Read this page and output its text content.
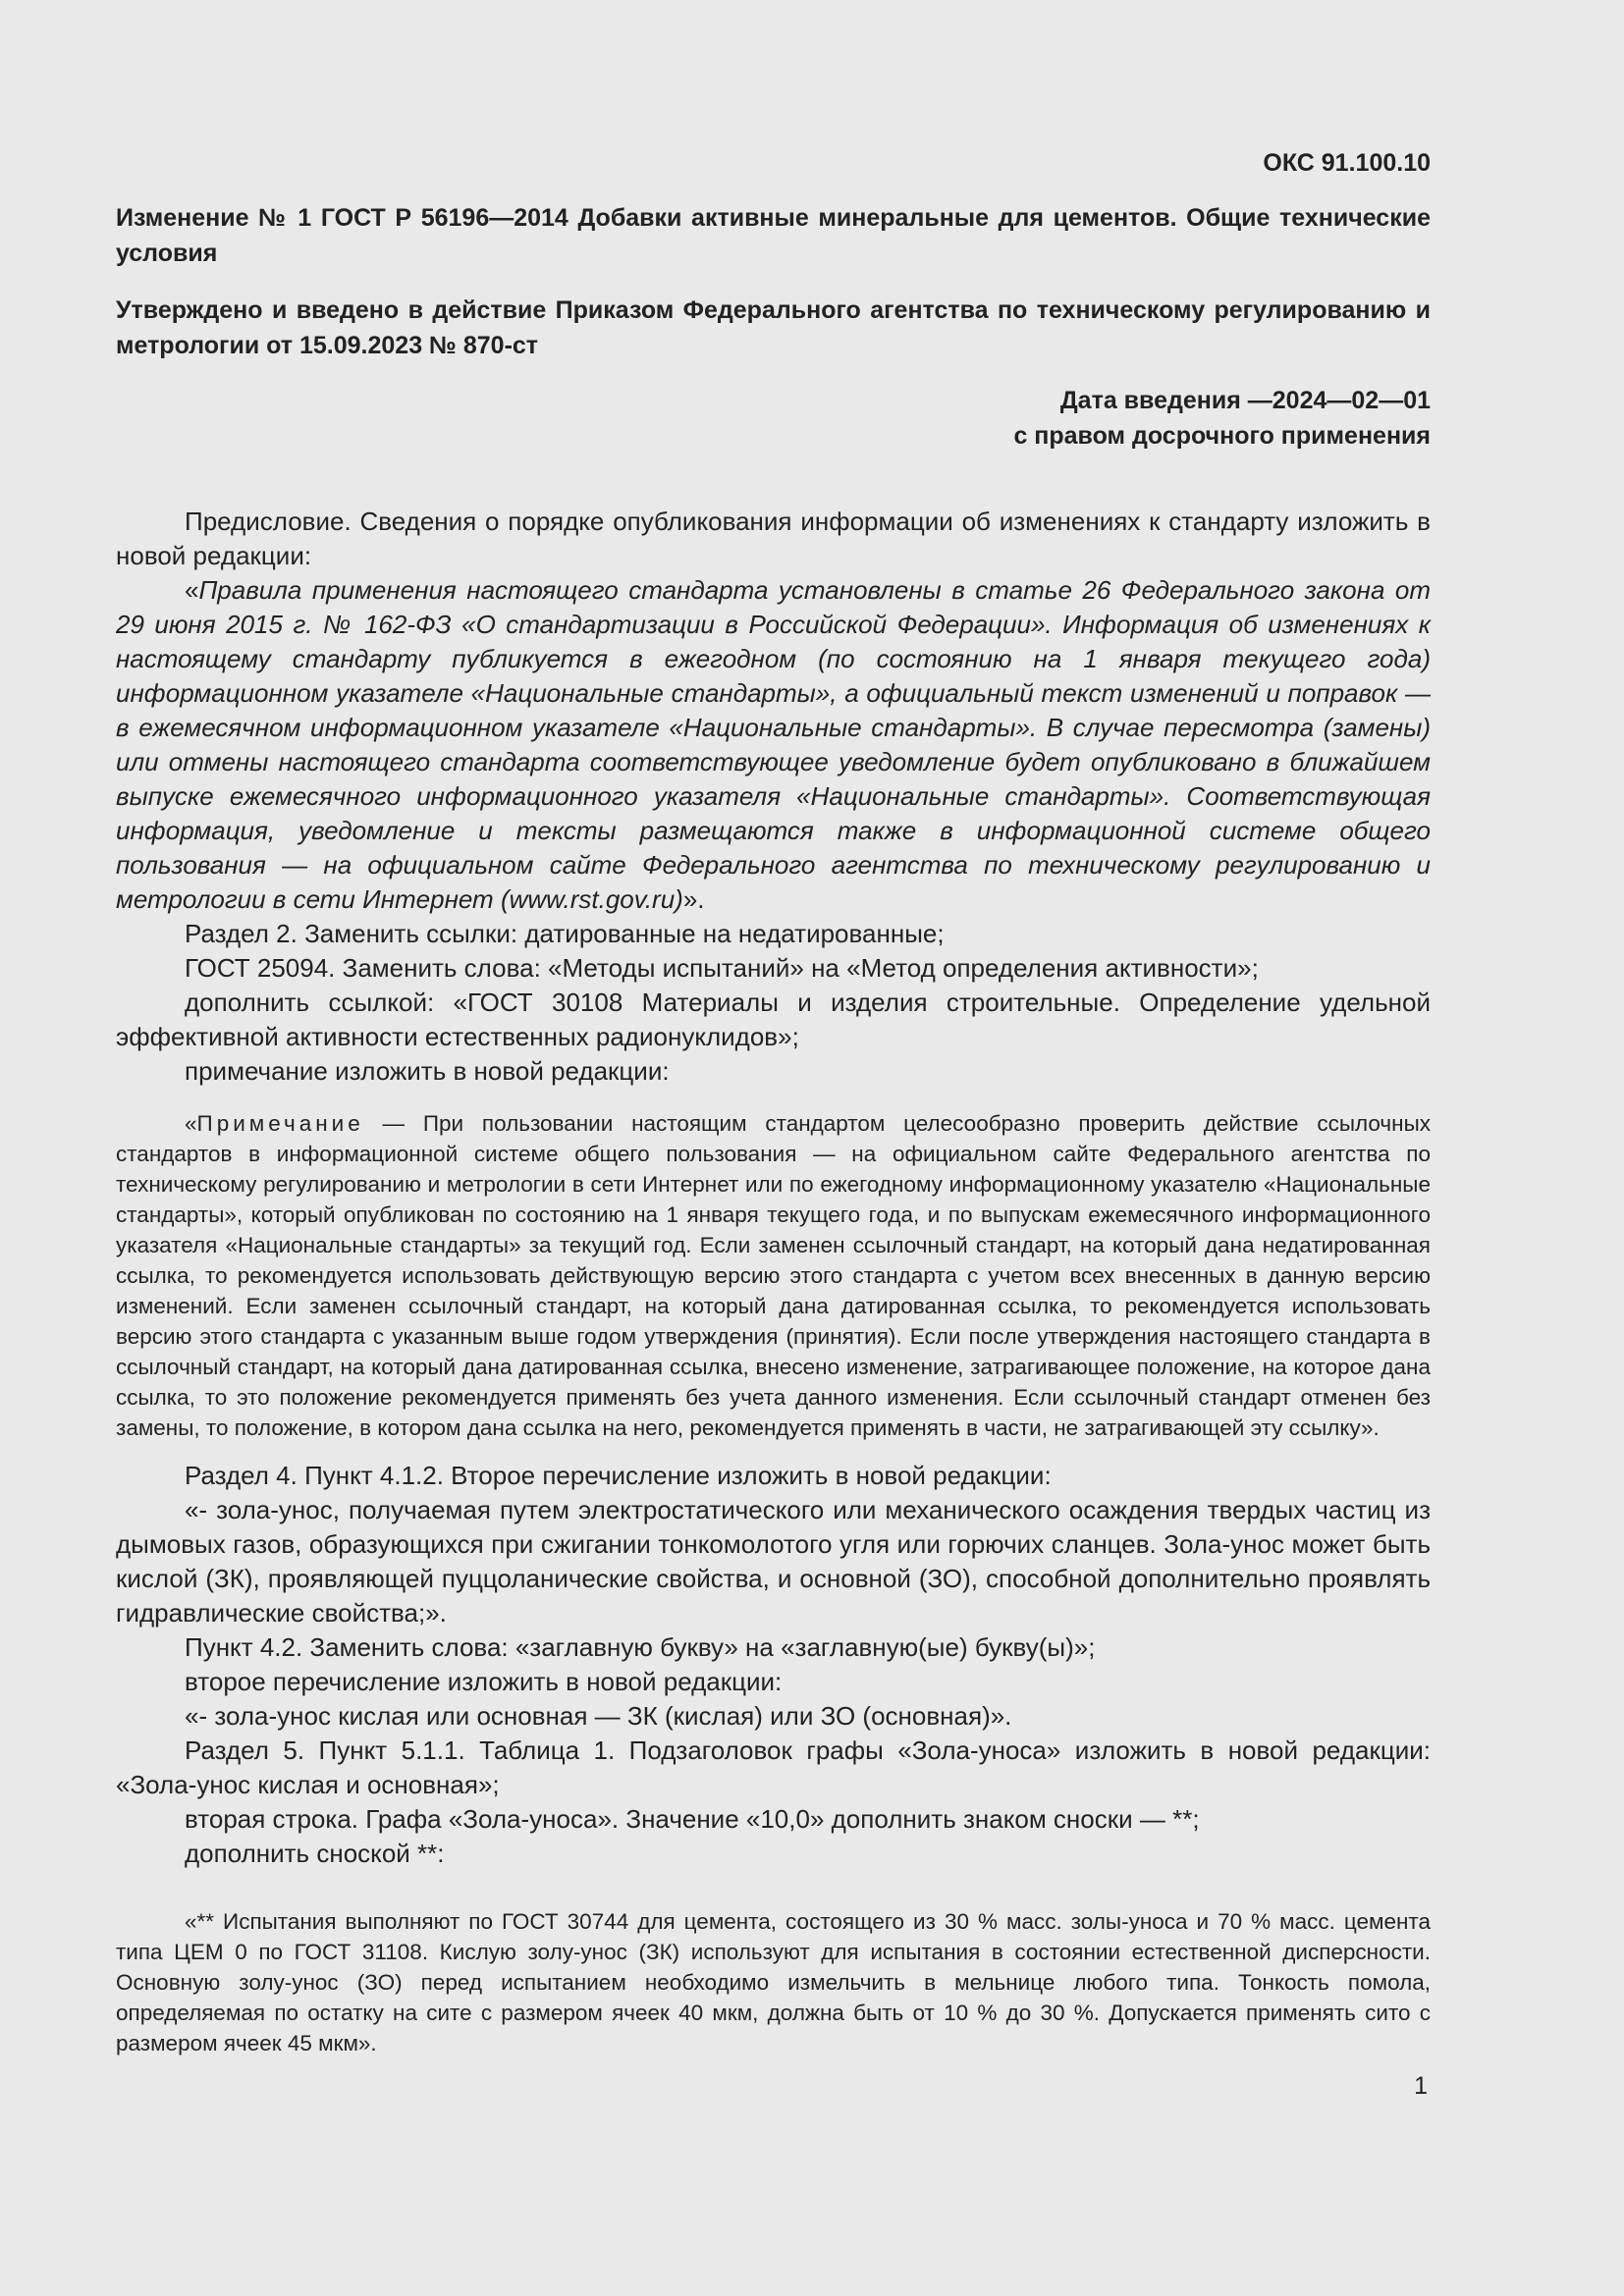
ОКС 91.100.10
Изменение № 1 ГОСТ Р 56196—2014 Добавки активные минеральные для цементов. Общие технические условия
Утверждено и введено в действие Приказом Федерального агентства по техническому регулированию и метрологии от 15.09.2023 № 870-ст
Дата введения —2024—02—01
с правом досрочного применения

Предисловие. Сведения о порядке опубликования информации об изменениях к стандарту изложить в новой редакции:

«Правила применения настоящего стандарта установлены в статье 26 Федерального закона от 29 июня 2015 г. № 162-ФЗ «О стандартизации в Российской Федерации». Информация об изменениях к настоящему стандарту публикуется в ежегодном (по состоянию на 1 января текущего года) информационном указателе «Национальные стандарты», а официальный текст изменений и поправок — в ежемесячном информационном указателе «Национальные стандарты». В случае пересмотра (замены) или отмены настоящего стандарта соответствующее уведомление будет опубликовано в ближайшем выпуске ежемесячного информационного указателя «Национальные стандарты». Соответствующая информация, уведомление и тексты размещаются также в информационной системе общего пользования — на официальном сайте Федерального агентства по техническому регулированию и метрологии в сети Интернет (www.rst.gov.ru)».

Раздел 2. Заменить ссылки: датированные на недатированные;

ГОСТ 25094. Заменить слова: «Методы испытаний» на «Метод определения активности»;

дополнить ссылкой: «ГОСТ 30108 Материалы и изделия строительные. Определение удельной эффективной активности естественных радионуклидов»;

примечание изложить в новой редакции:

«Примечание — При пользовании настоящим стандартом целесообразно проверить действие ссылочных стандартов в информационной системе общего пользования — на официальном сайте Федерального агентства по техническому регулированию и метрологии в сети Интернет или по ежегодному информационному указателю «Национальные стандарты», который опубликован по состоянию на 1 января текущего года, и по выпускам ежемесячного информационного указателя «Национальные стандарты» за текущий год. Если заменен ссылочный стандарт, на который дана недатированная ссылка, то рекомендуется использовать действующую версию этого стандарта с учетом всех внесенных в данную версию изменений. Если заменен ссылочный стандарт, на который дана датированная ссылка, то рекомендуется использовать версию этого стандарта с указанным выше годом утверждения (принятия). Если после утверждения настоящего стандарта в ссылочный стандарт, на который дана датированная ссылка, внесено изменение, затрагивающее положение, на которое дана ссылка, то это положение рекомендуется применять без учета данного изменения. Если ссылочный стандарт отменен без замены, то положение, в котором дана ссылка на него, рекомендуется применять в части, не затрагивающей эту ссылку».

Раздел 4. Пункт 4.1.2. Второе перечисление изложить в новой редакции:

«- зола-унос, получаемая путем электростатического или механического осаждения твердых частиц из дымовых газов, образующихся при сжигании тонкомолотого угля или горючих сланцев. Зола-унос может быть кислой (ЗК), проявляющей пуццоланические свойства, и основной (ЗО), способной дополнительно проявлять гидравлические свойства;».

Пункт 4.2. Заменить слова: «заглавную букву» на «заглавную(ые) букву(ы)»;

второе перечисление изложить в новой редакции:

«- зола-унос кислая или основная — ЗК (кислая) или ЗО (основная)».

Раздел 5. Пункт 5.1.1. Таблица 1. Подзаголовок графы «Зола-уноса» изложить в новой редакции: «Зола-унос кислая и основная»;

вторая строка. Графа «Зола-уноса». Значение «10,0» дополнить знаком сноски — **;

дополнить сноской **:

«** Испытания выполняют по ГОСТ 30744 для цемента, состоящего из 30 % масс. золы-уноса и 70 % масс. цемента типа ЦЕМ 0 по ГОСТ 31108. Кислую золу-унос (ЗК) используют для испытания в состоянии естественной дисперсности. Основную золу-унос (ЗО) перед испытанием необходимо измельчить в мельнице любого типа. Тонкость помола, определяемая по остатку на сите с размером ячеек 40 мкм, должна быть от 10 % до 30 %. Допускается применять сито с размером ячеек 45 мкм».

1
